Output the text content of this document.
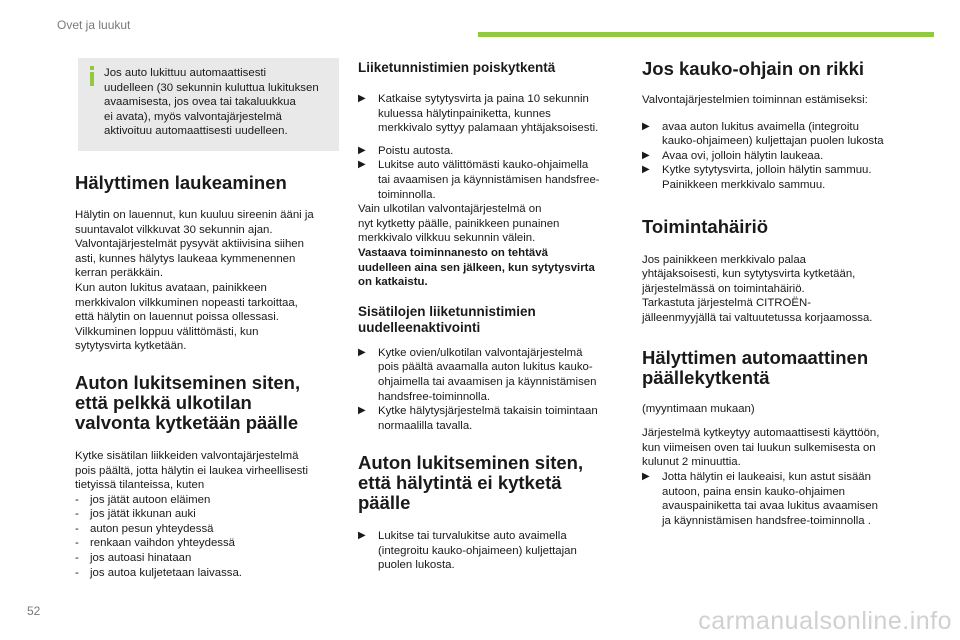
Ovet ja luukut

Jos auto lukittuu automaattisesti
uudelleen (30 sekunnin kuluttua lukituksen
avaamisesta, jos ovea tai takaluukkua
ei avata), myös valvontajärjestelmä
aktivoituu automaattisesti uudelleen.

Hälyttimen laukeaminen

Hälytin on lauennut, kun kuuluu sireenin ääni ja
suuntavalot vilkkuvat 30 sekunnin ajan.
Valvontajärjestelmät pysyvät aktiivisina siihen
asti, kunnes hälytys laukeaa kymmenennen
kerran peräkkäin.
Kun auton lukitus avataan, painikkeen
merkkivalon vilkkuminen nopeasti tarkoittaa,
että hälytin on lauennut poissa ollessasi.
Vilkkuminen loppuu välittömästi, kun
sytytysvirta kytketään.

Auton lukitseminen siten,
että pelkkä ulkotilan
valvonta kytketään päälle

Kytke sisätilan liikkeiden valvontajärjestelmä
pois päältä, jotta hälytin ei laukea virheellisesti
tietyissä tilanteissa, kuten

- jos jätät autoon eläimen
- jos jätät ikkunan auki
- auton pesun yhteydessä
- renkaan vaihdon yhteydessä
- jos autoasi hinataan
- jos autoa kuljetetaan laivassa.
Liiketunnistimien poiskytkentä
▶ Katkaise sytytysvirta ja paina 10 sekunnin
kuluessa hälytinpainiketta, kunnes
merkkivalo syttyy palamaan yhtäjaksoisesti.
▶ Poistu autosta.
▶ Lukitse auto välittömästi kauko-ohjaimella
tai avaamisen ja käynnistämisen handsfree-
toiminnolla.

Vain ulkotilan valvontajärjestelmä on
nyt kytketty päälle, painikkeen punainen
merkkivalo vilkkuu sekunnin välein.

Vastaava toiminnanesto on tehtävä
uudelleen aina sen jälkeen, kun sytytysvirta
on katkaistu.

Sisätilojen liiketunnistimien
uudelleenaktivointi
▶ Kytke ovien/ulkotilan valvontajärjestelmä
pois päältä avaamalla auton lukitus kauko-
ohjaimella tai avaamisen ja käynnistämisen
handsfree-toiminnolla.
▶ Kytke hälytysjärjestelmä takaisin toimintaan
normaalilla tavalla.
Auton lukitseminen siten,
että hälytintä ei kytketä
päälle
▶ Lukitse tai turvalukitse auto avaimella
(integroitu kauko-ohjaimeen) kuljettajan
puolen lukosta.
Jos kauko-ohjain on rikki

Valvontajärjestelmien toiminnan estämiseksi:

▶ avaa auton lukitus avaimella (integroitu
kauko-ohjaimeen) kuljettajan puolen lukosta
▶ Avaa ovi, jolloin hälytin laukeaa.
▶ Kytke sytytysvirta, jolloin hälytin sammuu.
Painikkeen merkkivalo sammuu.
Toimintahäiriö

Jos painikkeen merkkivalo palaa
yhtäjaksoisesti, kun sytytysvirta kytketään,
järjestelmässä on toimintahäiriö.
Tarkastuta järjestelmä CITROËN-
jälleenmyyjällä tai valtuutetussa korjaamossa.

Hälyttimen automaattinen
päällekytkentä

(myyntimaan mukaan)

Järjestelmä kytkeytyy automaattisesti käyttöön,
kun viimeisen oven tai luukun sulkemisesta on
kulunut 2 minuuttia.

▶ Jotta hälytin ei laukeaisi, kun astut sisään
autoon, paina ensin kauko-ohjaimen
avauspainiketta tai avaa lukitus avaamisen
ja käynnistämisen handsfree-toiminnolla .
52	carmanualsonline.info
